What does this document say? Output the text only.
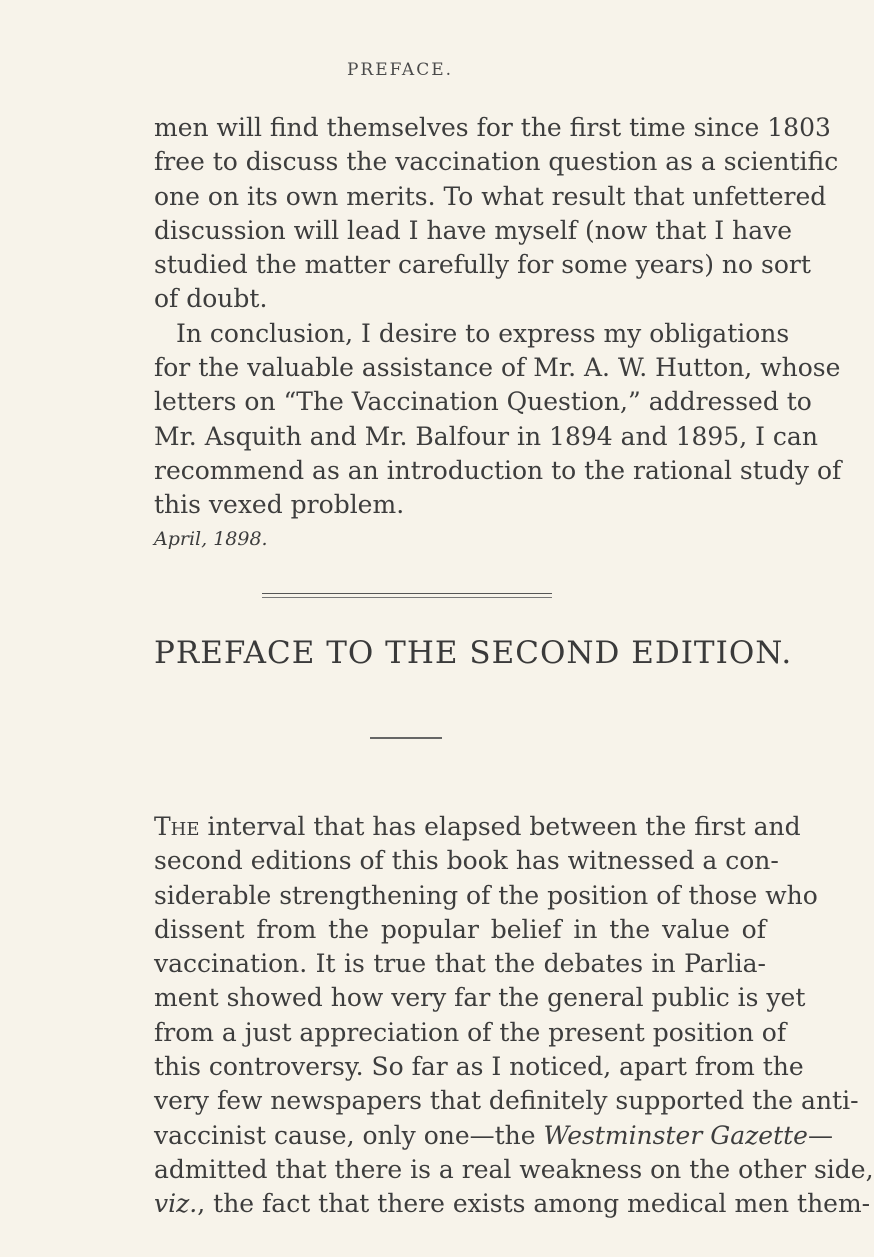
PREFACE.
men will find themselves for the first time since 1803
free to discuss the vaccination question as a scientific
one on its own merits. To what result that unfettered
discussion will lead I have myself (now that I have
studied the matter carefully for some years) no sort
of doubt.
In conclusion, I desire to express my obligations
for the valuable assistance of Mr. A. W. Hutton, whose
letters on “The Vaccination Question,” addressed to
Mr. Asquith and Mr. Balfour in 1894 and 1895, I can
recommend as an introduction to the rational study of
this vexed problem.
April, 1898.
PREFACE TO THE SECOND EDITION.
The interval that has elapsed between the first and
second editions of this book has witnessed a con-
siderable strengthening of the position of those who
dissent from the popular belief in the value of
vaccination. It is true that the debates in Parlia-
ment showed how very far the general public is yet
from a just appreciation of the present position of
this controversy. So far as I noticed, apart from the
very few newspapers that definitely supported the anti-
vaccinist cause, only one—the Westminster Gazette—
admitted that there is a real weakness on the other side,
viz., the fact that there exists among medical men them-
